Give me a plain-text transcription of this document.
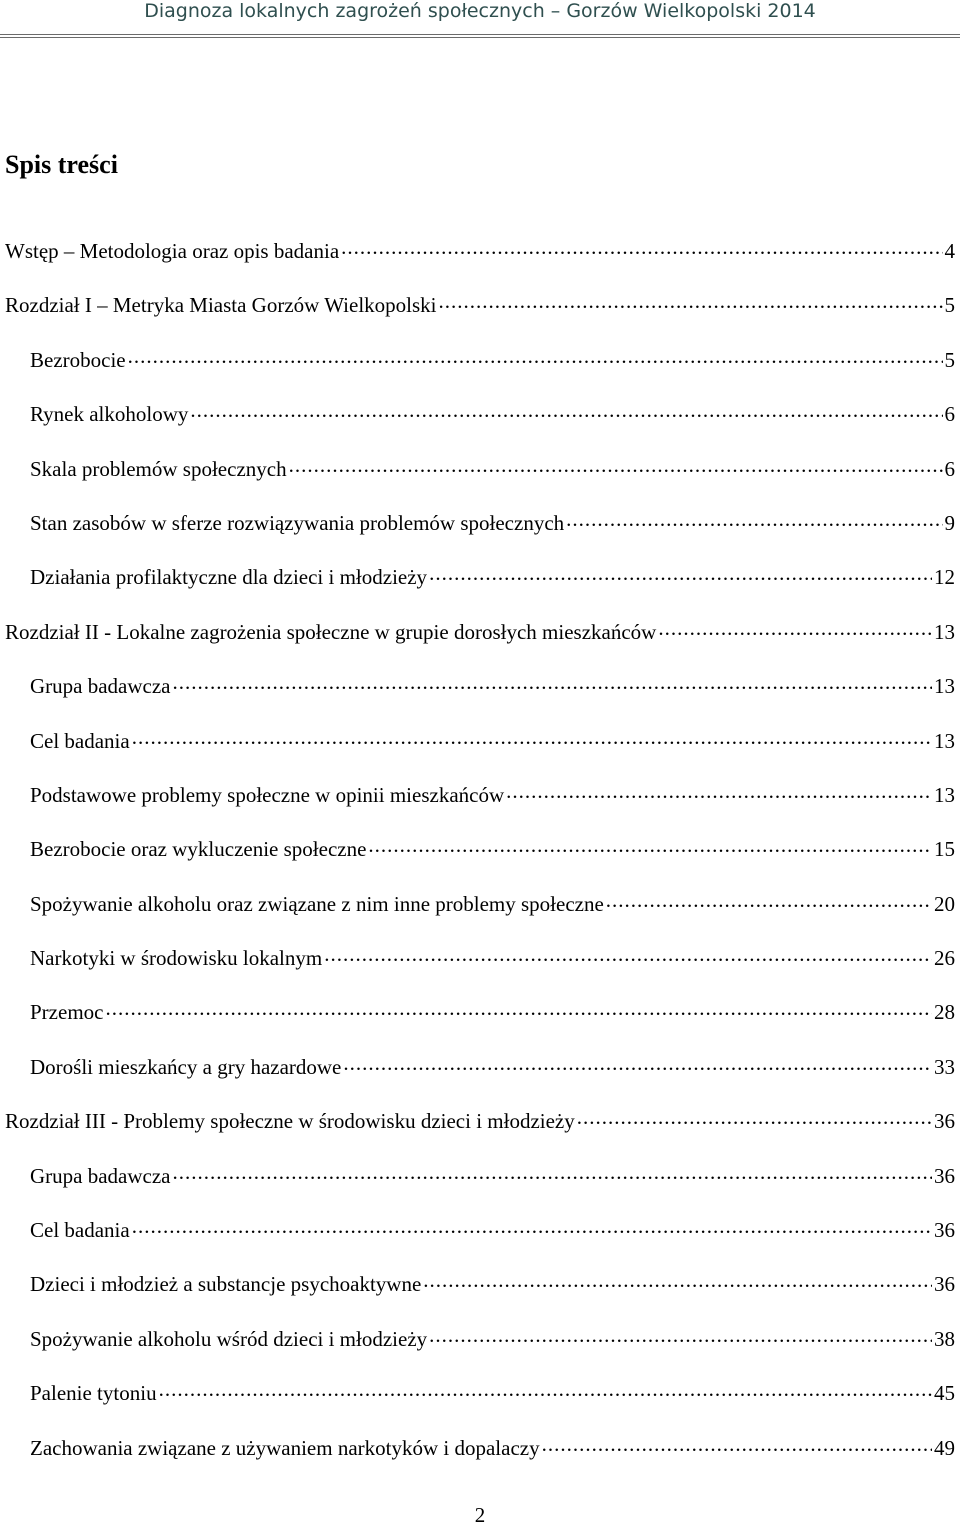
Diagnoza lokalnych zagrożeń społecznych – Gorzów Wielkopolski 2014
Spis treści
Wstęp – Metodologia oraz opis badania .....	4
Rozdział I – Metryka Miasta Gorzów Wielkopolski .....	5
Bezrobocie .....	5
Rynek alkoholowy .....	6
Skala problemów społecznych .....	6
Stan zasobów w sferze rozwiązywania problemów społecznych .....	9
Działania profilaktyczne dla dzieci i młodzieży .....	12
Rozdział II - Lokalne zagrożenia społeczne w grupie dorosłych mieszkańców .....	13
Grupa badawcza .....	13
Cel badania .....	13
Podstawowe problemy społeczne w opinii mieszkańców .....	13
Bezrobocie oraz wykluczenie społeczne .....	15
Spożywanie alkoholu oraz związane z nim inne problemy społeczne .....	20
Narkotyki w środowisku lokalnym .....	26
Przemoc .....	28
Dorośli mieszkańcy a gry hazardowe .....	33
Rozdział III - Problemy społeczne w środowisku dzieci i młodzieży .....	36
Grupa badawcza .....	36
Cel badania .....	36
Dzieci i młodzież a substancje psychoaktywne .....	36
Spożywanie alkoholu wśród dzieci i młodzieży .....	38
Palenie tytoniu .....	45
Zachowania związane z używaniem narkotyków i dopalaczy .....	49
2
